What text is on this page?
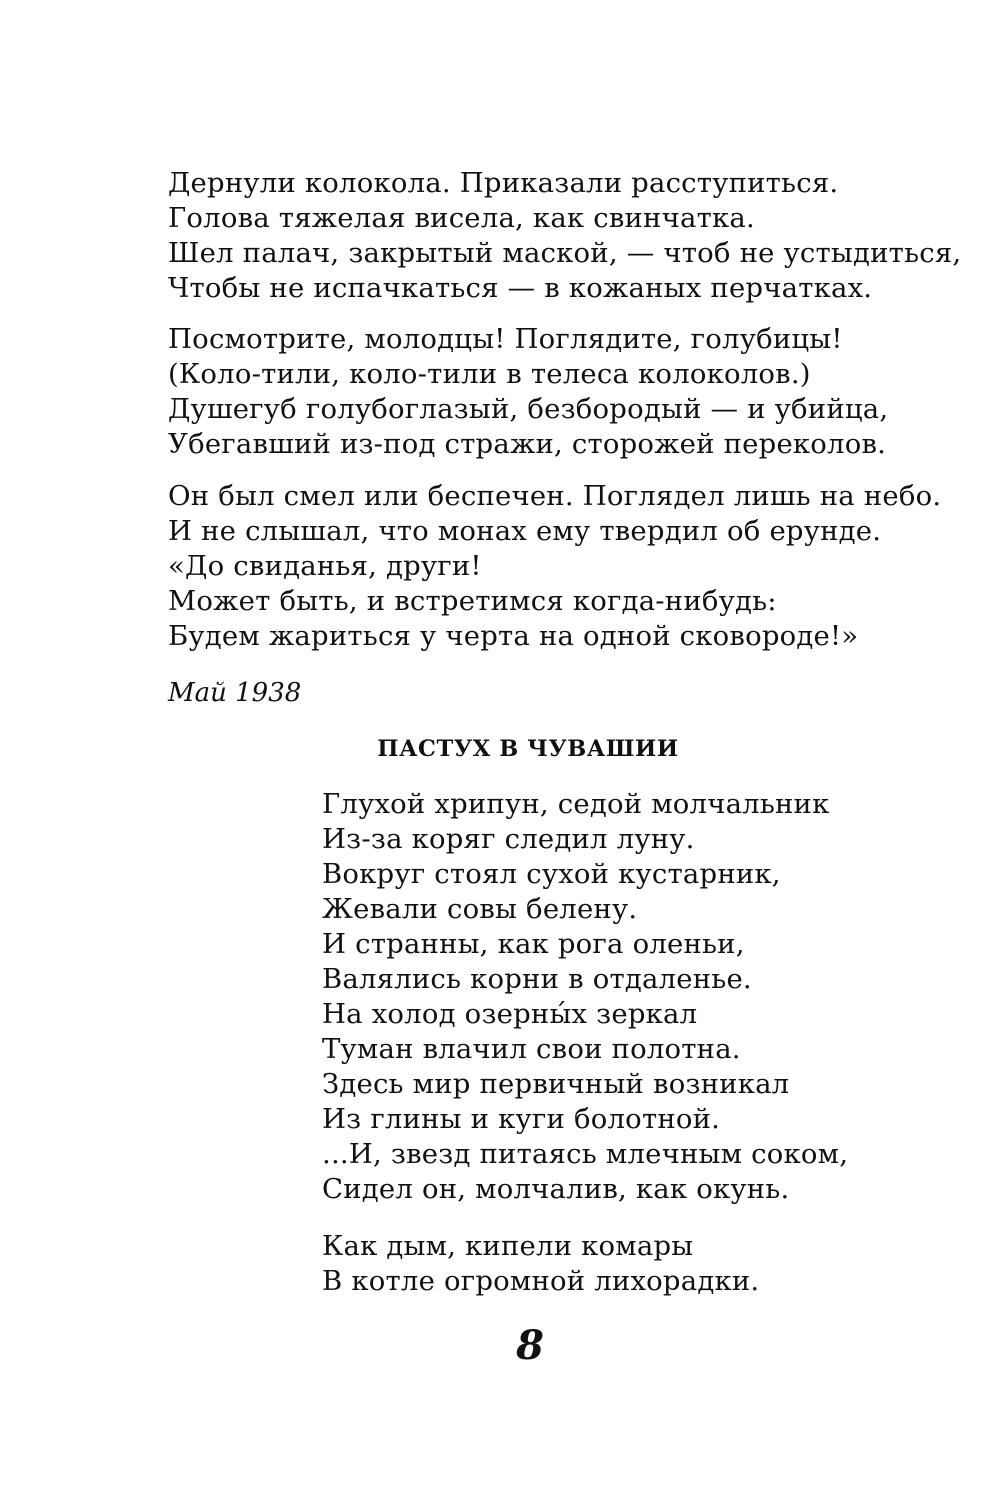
Дернули колокола. Приказали расступиться.
Голова тяжелая висела, как свинчатка.
Шел палач, закрытый маской, — чтоб не устыдиться,
Чтобы не испачкаться — в кожаных перчатках.
Посмотрите, молодцы! Поглядите, голубицы!
(Коло-тили, коло-тили в телеса колоколов.)
Душегуб голубоглазый, безбородый — и убийца,
Убегавший из-под стражи, сторожей переколов.
Он был смел или беспечен. Поглядел лишь на небо.
И не слышал, что монах ему твердил об ерунде.
«До свиданья, други!
Может быть, и встретимся когда-нибудь:
Будем жариться у черта на одной сковороде!»
Май 1938
ПАСТУХ В ЧУВАШИИ
Глухой хрипун, седой молчальник
Из-за коряг следил луну.
Вокруг стоял сухой кустарник,
Жевали совы белену.
И странны, как рога оленьи,
Валялись корни в отдаленье.
На холод озерны́х зеркал
Туман влачил свои полотна.
Здесь мир первичный возникал
Из глины и куги болотной.
...И, звезд питаясь млечным соком,
Сидел он, молчалив, как окунь.
Как дым, кипели комары
В котле огромной лихорадки.
8
